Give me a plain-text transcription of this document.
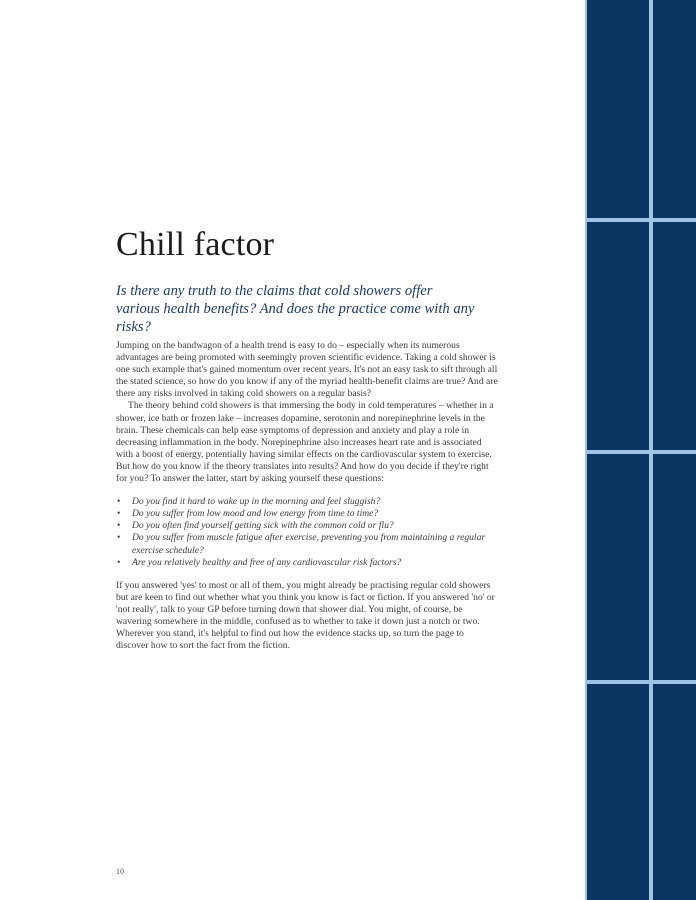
Chill factor

Is there any truth to the claims that cold showers offer various health benefits? And does the practice come with any risks?

Jumping on the bandwagon of a health trend is easy to do – especially when its numerous advantages are being promoted with seemingly proven scientific evidence. Taking a cold shower is one such example that's gained momentum over recent years. It's not an easy task to sift through all the stated science, so how do you know if any of the myriad health-benefit claims are true? And are there any risks involved in taking cold showers on a regular basis?

The theory behind cold showers is that immersing the body in cold temperatures – whether in a shower, ice bath or frozen lake – increases dopamine, serotonin and norepinephrine levels in the brain. These chemicals can help ease symptoms of depression and anxiety and play a role in decreasing inflammation in the body. Norepinephrine also increases heart rate and is associated with a boost of energy, potentially having similar effects on the cardiovascular system to exercise. But how do you know if the theory translates into results? And how do you decide if they're right for you? To answer the latter, start by asking yourself these questions:

• Do you find it hard to wake up in the morning and feel sluggish?
• Do you suffer from low mood and low energy from time to time?
• Do you often find yourself getting sick with the common cold or flu?
• Do you suffer from muscle fatigue after exercise, preventing you from maintaining a regular exercise schedule?
• Are you relatively healthy and free of any cardiovascular risk factors?

If you answered 'yes' to most or all of them, you might already be practising regular cold showers but are keen to find out whether what you think you know is fact or fiction. If you answered 'no' or 'not really', talk to your GP before turning down that shower dial. You might, of course, be wavering somewhere in the middle, confused as to whether to take it down just a notch or two. Wherever you stand, it's helpful to find out how the evidence stacks up, so turn the page to discover how to sort the fact from the fiction.

10
